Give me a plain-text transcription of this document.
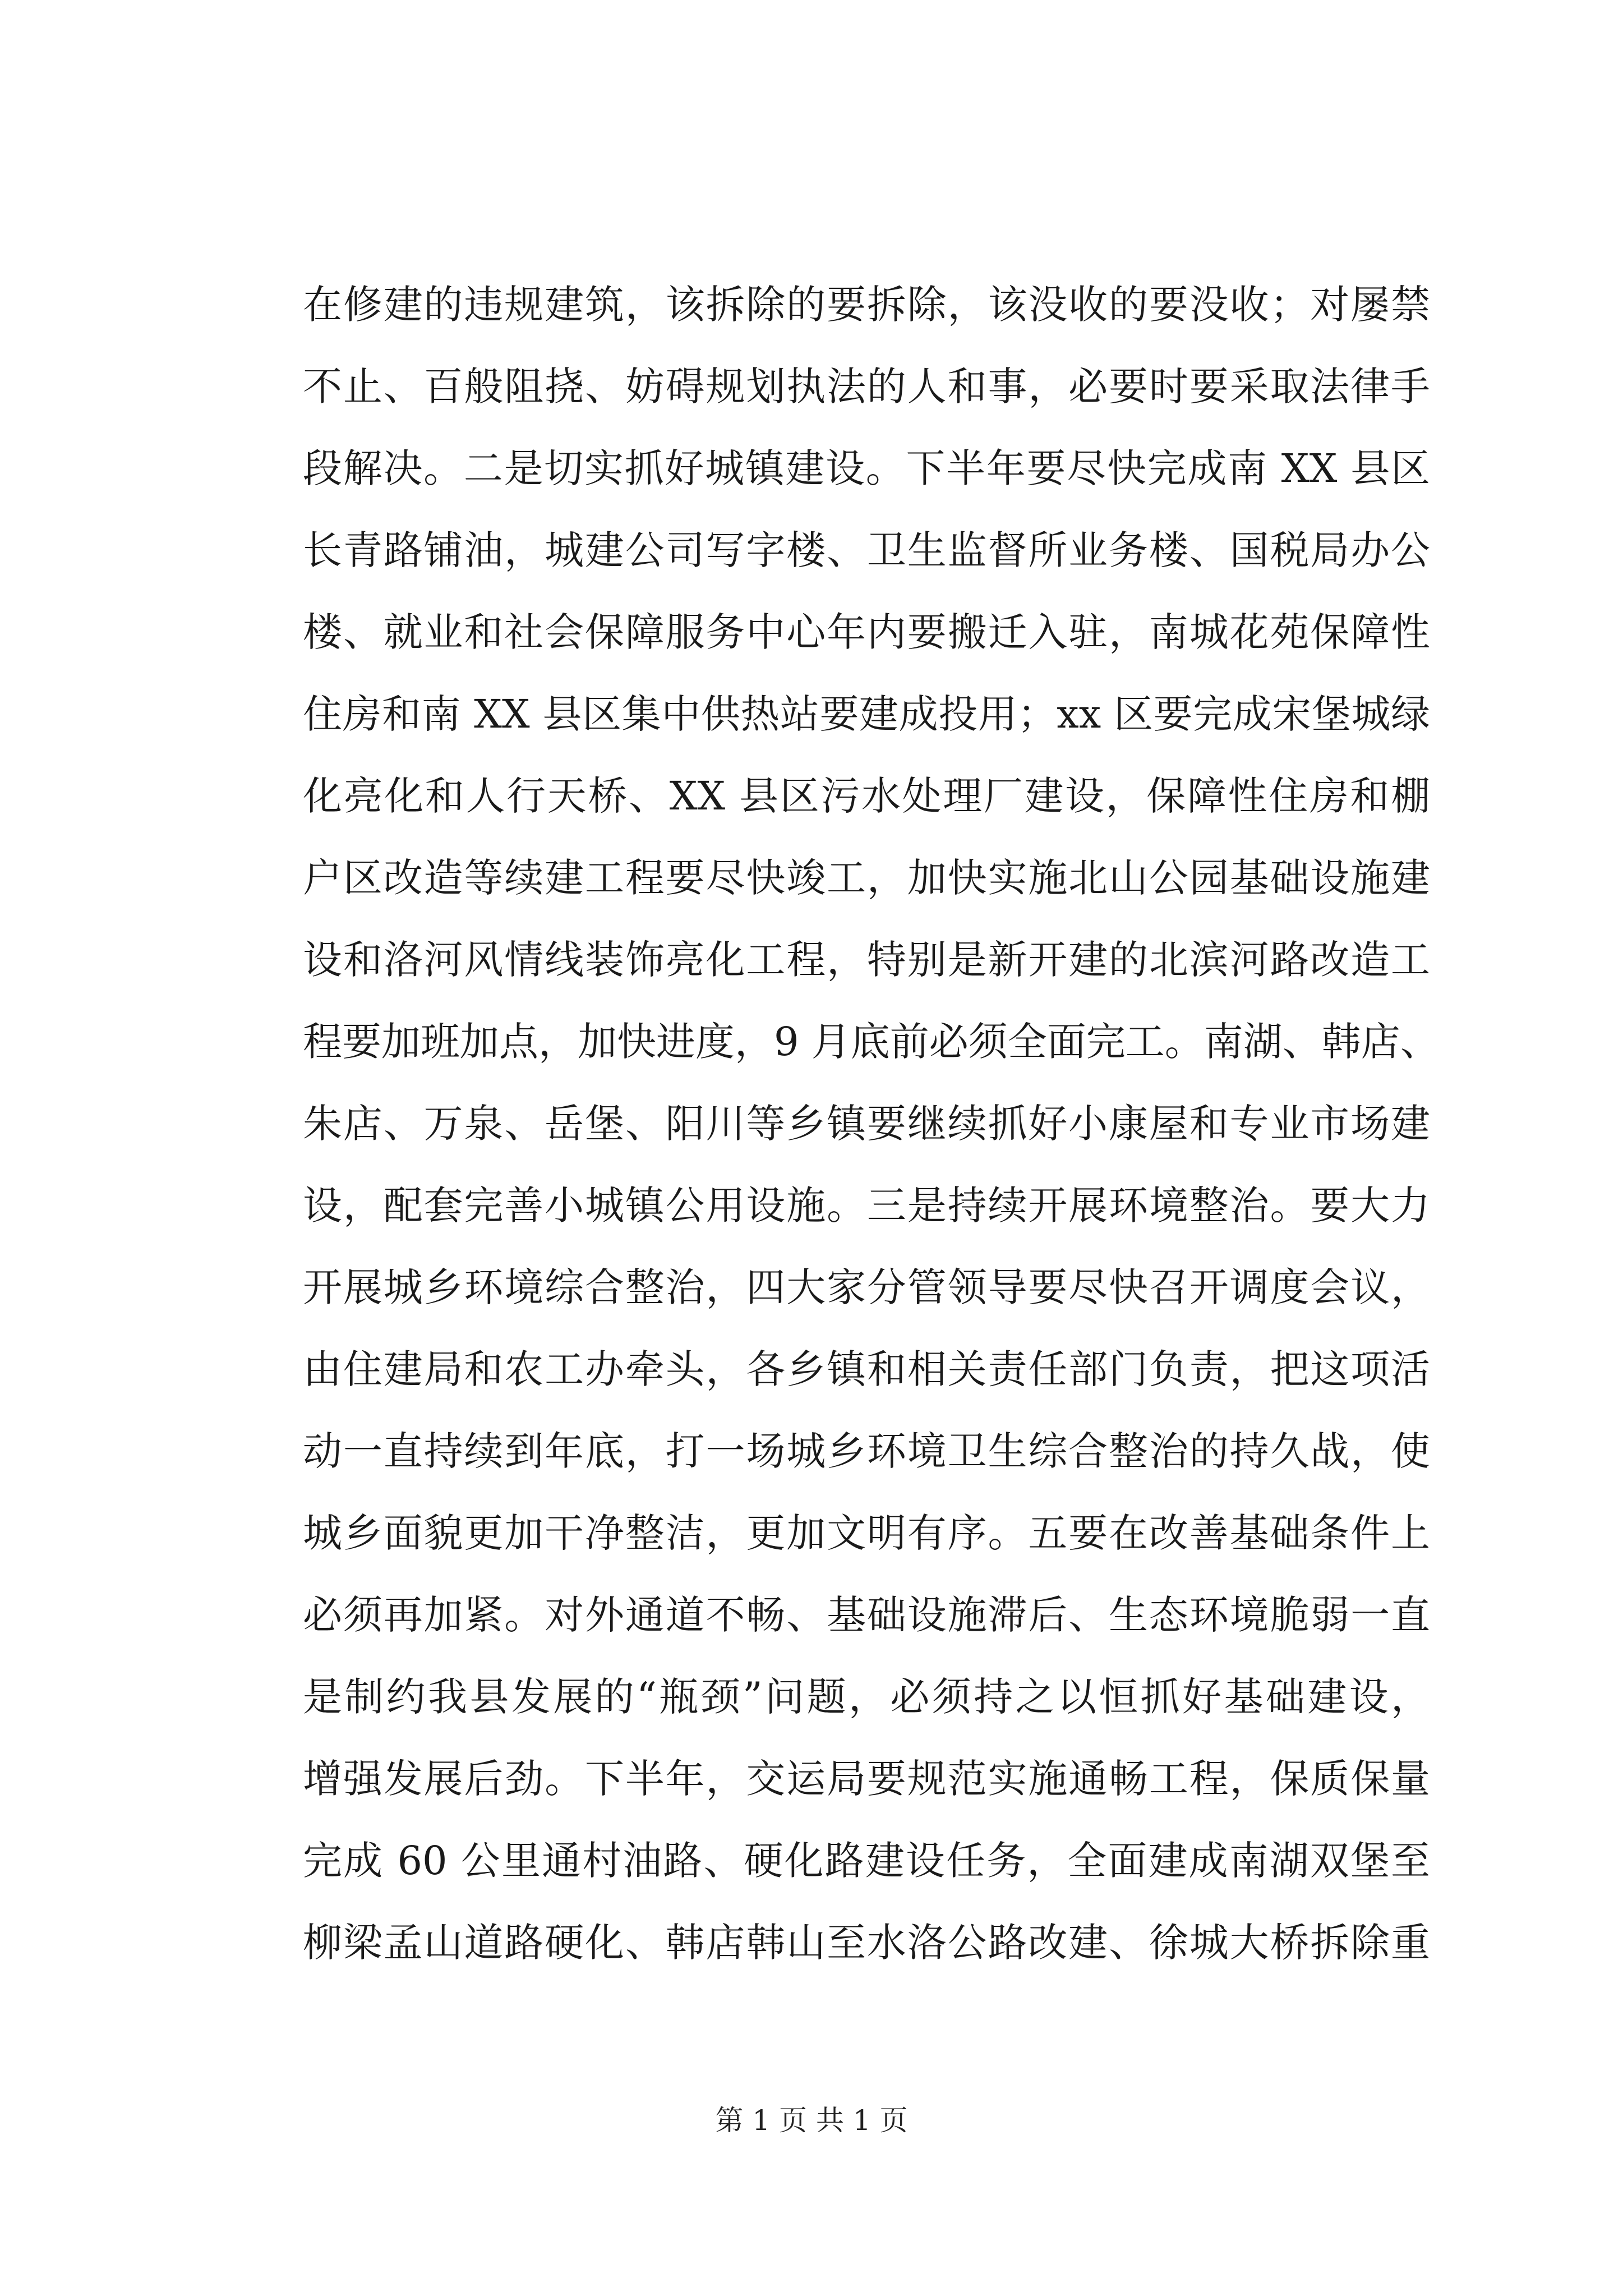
在修建的违规建筑，该拆除的要拆除，该没收的要没收；对屡禁
不止、百般阻挠、妨碍规划执法的人和事，必要时要采取法律手
段解决。二是切实抓好城镇建设。下半年要尽快完成南 XX 县区
长青路铺油，城建公司写字楼、卫生监督所业务楼、国税局办公
楼、就业和社会保障服务中心年内要搬迁入驻，南城花苑保障性
住房和南 XX 县区集中供热站要建成投用；xx 区要完成宋堡城绿
化亮化和人行天桥、XX 县区污水处理厂建设，保障性住房和棚
户区改造等续建工程要尽快竣工，加快实施北山公园基础设施建
设和洛河风情线装饰亮化工程，特别是新开建的北滨河路改造工
程要加班加点，加快进度，9 月底前必须全面完工。南湖、韩店、
朱店、万泉、岳堡、阳川等乡镇要继续抓好小康屋和专业市场建
设，配套完善小城镇公用设施。三是持续开展环境整治。要大力
开展城乡环境综合整治，四大家分管领导要尽快召开调度会议，
由住建局和农工办牵头，各乡镇和相关责任部门负责，把这项活
动一直持续到年底，打一场城乡环境卫生综合整治的持久战，使
城乡面貌更加干净整洁，更加文明有序。五要在改善基础条件上
必须再加紧。对外通道不畅、基础设施滞后、生态环境脆弱一直
是制约我县发展的“瓶颈”问题，必须持之以恒抓好基础建设，
增强发展后劲。下半年，交运局要规范实施通畅工程，保质保量
完成 60 公里通村油路、硬化路建设任务，全面建成南湖双堡至
柳梁孟山道路硬化、韩店韩山至水洛公路改建、徐城大桥拆除重
第 1 页 共 1 页
